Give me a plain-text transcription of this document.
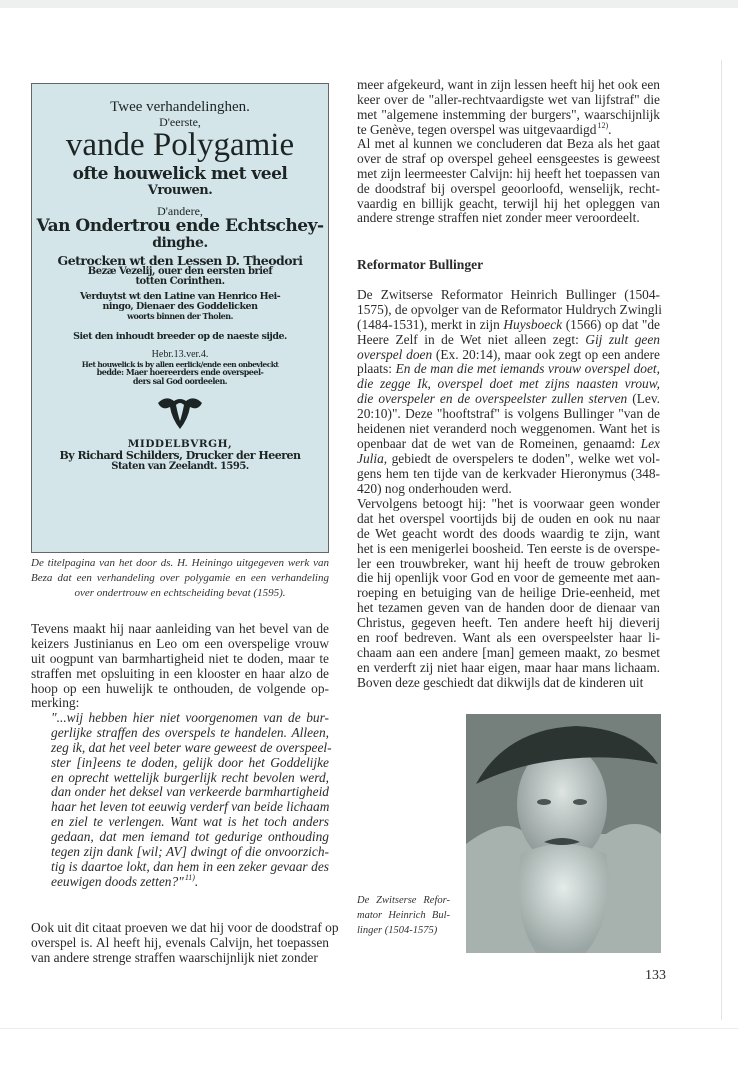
Twee verhandelinghen.
D'eerste,
vande Polygamie
ofte houwelick met veel
Vrouwen.
D'andere,
Van Ondertrou ende Echtschey-
dinghe.
Getrocken wt den Lessen D. Theodori
Bezæ Vezelij, ouer den eersten brief
totten Corinthen.
Verduytst wt den Latine van Henrico Hei-
ningo, Dienaer des Goddelicken
woorts binnen der Tholen.
Siet den inhoudt breeder op de naeste sijde.
Hebr.13.ver.4.
Het houwelick is by allen eerlick/ende een onbevleckt
bedde: Maer hoereerders ende overspeel-
ders sal God oordeelen.
MIDDELBVRGH,
By Richard Schilders, Drucker der Heeren
Staten van Zeelandt. 1595.
De titelpagina van het door ds. H. Heiningo uitgegeven werk van
Beza dat een verhandeling over polygamie en een verhandeling
over ondertrouw en echtscheiding bevat (1595).
Tevens maakt hij naar aanleiding van het bevel van de
keizers Justinianus en Leo om een overspelige vrouw
uit oogpunt van barmhartigheid niet te doden, maar te
straffen met opsluiting in een klooster en haar alzo de
hoop op een huwelijk te onthouden, de volgende op-
merking:
"...wij hebben hier niet voorgenomen van de bur-
gerlijke straffen des overspels te handelen. Alleen,
zeg ik, dat het veel beter ware geweest de overspeel-
ster [in]eens te doden, gelijk door het Goddelijke
en oprecht wettelijk burgerlijk recht bevolen werd,
dan onder het deksel van verkeerde barmhartigheid
haar het leven tot eeuwig verderf van beide lichaam
en ziel te verlengen. Want wat is het toch anders
gedaan, dat men iemand tot gedurige onthouding
tegen zijn dank [wil; AV] dwingt of die onvoorzich-
tig is daartoe lokt, dan hem in een zeker gevaar des
eeuwigen doods zetten?"$^{11)}$.
Ook uit dit citaat proeven we dat hij voor de doodstraf op
overspel is. Al heeft hij, evenals Calvijn, het toepassen
van andere strenge straffen waarschijnlijk niet zonder
meer afgekeurd, want in zijn lessen heeft hij het ook een
keer over de "aller-rechtvaardigste wet van lijfstraf" die
met "algemene instemming der burgers", waarschijnlijk
te Genève, tegen overspel was uitgevaardigd$^{12)}$.
Al met al kunnen we concluderen dat Beza als het gaat
over de straf op overspel geheel eensgeestes is geweest
met zijn leermeester Calvijn: hij heeft het toepassen van
de doodstraf bij overspel geoorloofd, wenselijk, recht-
vaardig en billijk geacht, terwijl hij het opleggen van
andere strenge straffen niet zonder meer veroordeelt.
Reformator Bullinger
De Zwitserse Reformator Heinrich Bullinger (1504-
1575), de opvolger van de Reformator Huldrych Zwingli
(1484-1531), merkt in zijn Huysboeck (1566) op dat "de
Heere Zelf in de Wet niet alleen zegt: Gij zult geen
overspel doen (Ex. 20:14), maar ook zegt op een andere
plaats: En de man die met iemands vrouw overspel doet,
die zegge Ik, overspel doet met zijns naasten vrouw,
die overspeler en de overspeelster zullen sterven (Lev.
20:10)". Deze "hooftstraf" is volgens Bullinger "van de
heidenen niet veranderd noch weggenomen. Want het is
openbaar dat de wet van de Romeinen, genaamd: Lex
Julia, gebiedt de overspelers te doden", welke wet vol-
gens hem ten tijde van de kerkvader Hieronymus (348-
420) nog onderhouden werd.
Vervolgens betoogt hij: "het is voorwaar geen wonder
dat het overspel voortijds bij de ouden en ook nu naar
de Wet geacht wordt des doods waardig te zijn, want
het is een menigerlei boosheid. Ten eerste is de overspe-
ler een trouwbreker, want hij heeft de trouw gebroken
die hij openlijk voor God en voor de gemeente met aan-
roeping en betuiging van de heilige Drie-eenheid, met
het tezamen geven van de handen door de dienaar van
Christus, gegeven heeft. Ten andere heeft hij dieverij
en roof bedreven. Want als een overspeelster haar li-
chaam aan een andere [man] gemeen maakt, zo besmet
en verderft zij niet haar eigen, maar haar mans lichaam.
Boven deze geschiedt dat dikwijls dat de kinderen uit
De Zwitserse Refor-
mator Heinrich Bul-
linger (1504-1575)
133
